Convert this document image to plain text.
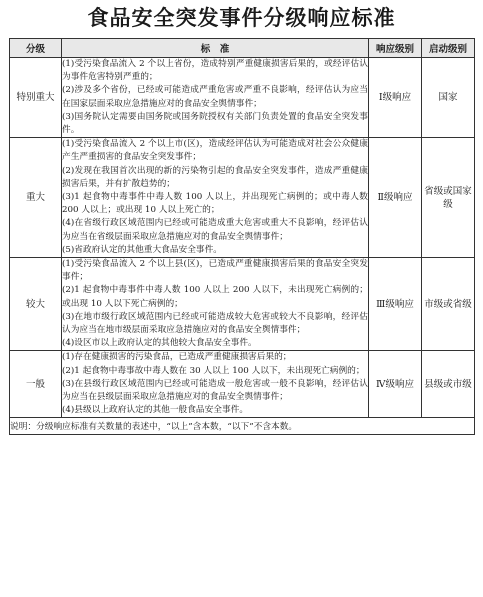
食品安全突发事件分级响应标准
分级	标　准	响应级别	启动级别
特别重大	(1)受污染食品流入 2 个以上省份，造成特别严重健康损害后果的，或经评估认为事件危害特别严重的；
(2)涉及多个省份，已经或可能造成严重危害或严重不良影响，经评估认为应当在国家层面采取应急措施应对的食品安全舆情事件；
(3)国务院认定需要由国务院或国务院授权有关部门负责处置的食品安全突发事件。	Ⅰ级响应	国家
重大	(1)受污染食品流入 2 个以上市(区)，造成经评估认为可能造成对社会公众健康产生严重损害的食品安全突发事件；
(2)发现在我国首次出现的新的污染物引起的食品安全突发事件，造成严重健康损害后果，并有扩散趋势的；
(3)1 起食物中毒事件中毒人数 100 人以上，并出现死亡病例的；或中毒人数 200 人以上；或出现 10 人以上死亡的；
(4)在省级行政区域范围内已经或可能造成重大危害或重大不良影响，经评估认为应当在省级层面采取应急措施应对的食品安全舆情事件；
(5)省政府认定的其他重大食品安全事件。	Ⅱ级响应	省级或国家级
较大	(1)受污染食品流入 2 个以上县(区)，已造成严重健康损害后果的食品安全突发事件；
(2)1 起食物中毒事件中毒人数 100 人以上 200 人以下，未出现死亡病例的；或出现 10 人以下死亡病例的；
(3)在地市级行政区域范围内已经或可能造成较大危害或较大不良影响，经评估认为应当在地市级层面采取应急措施应对的食品安全舆情事件；
(4)设区市以上政府认定的其他较大食品安全事件。	Ⅲ级响应	市级或省级
一般	(1)存在健康损害的污染食品，已造成严重健康损害后果的；
(2)1 起食物中毒事故中毒人数在 30 人以上 100 人以下，未出现死亡病例的；
(3)在县级行政区域范围内已经或可能造成一般危害或一般不良影响，经评估认为应当在县级层面采取应急措施应对的食品安全舆情事件；
(4)县级以上政府认定的其他一般食品安全事件。	Ⅳ级响应	县级或市级
说明：分级响应标准有关数量的表述中，“以上”含本数，“以下”不含本数。			
